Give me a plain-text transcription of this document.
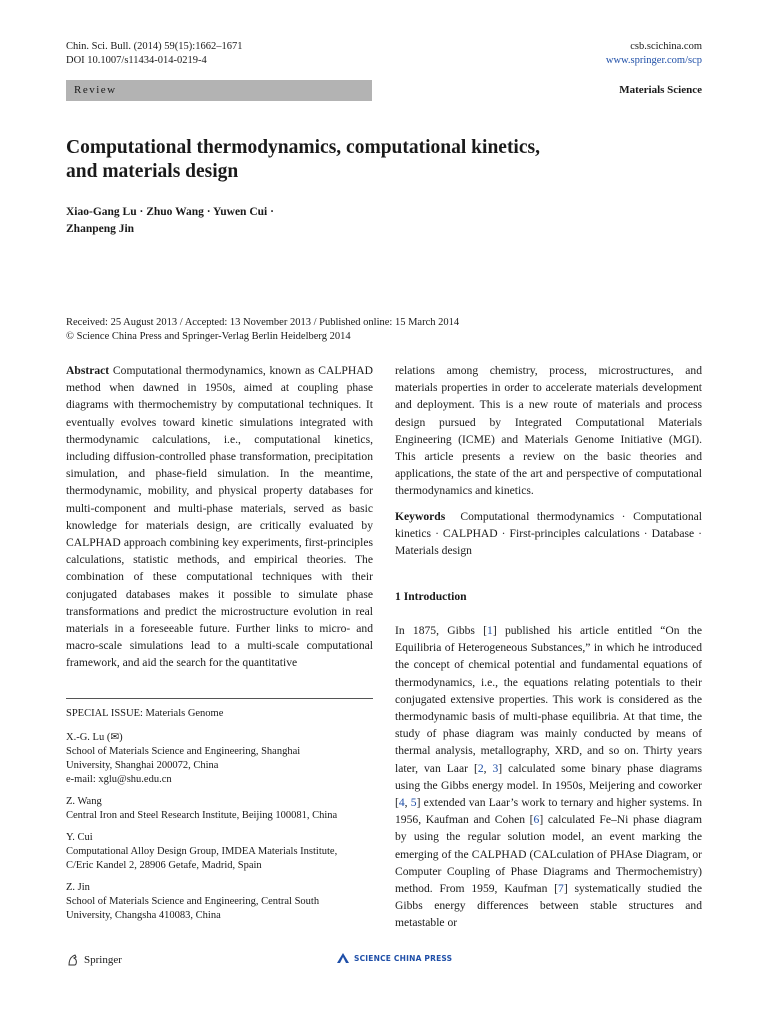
Chin. Sci. Bull. (2014) 59(15):1662–1671
DOI 10.1007/s11434-014-0219-4
csb.scichina.com
www.springer.com/scp
Review	Materials Science
Computational thermodynamics, computational kinetics,
and materials design
Xiao-Gang Lu · Zhuo Wang · Yuwen Cui ·
Zhanpeng Jin
Received: 25 August 2013 / Accepted: 13 November 2013 / Published online: 15 March 2014
© Science China Press and Springer-Verlag Berlin Heidelberg 2014

Abstract Computational thermodynamics, known as CALPHAD method when dawned in 1950s, aimed at coupling phase diagrams with thermochemistry by computational techniques. It eventually evolves toward kinetic simulations integrated with thermodynamic calculations, i.e., computational kinetics, including diffusion-controlled phase transformation, precipitation simulation, and phase-field simulation. In the meantime, thermodynamic, mobility, and physical property databases for multi-component and multi-phase materials, served as basic knowledge for materials design, are critically evaluated by CALPHAD approach combining key experiments, first-principles calculations, statistic methods, and empirical theories. The combination of these computational techniques with their conjugated databases makes it possible to simulate phase transformations and predict the microstructure evolution in real materials in a foreseeable future. Further links to micro- and macro-scale simulations lead to a multi-scale computational framework, and aid the search for the quantitative

SPECIAL ISSUE: Materials Genome

X.-G. Lu (✉)

School of Materials Science and Engineering, Shanghai

University, Shanghai 200072, China

e-mail: xglu@shu.edu.cn

Z. Wang

Central Iron and Steel Research Institute, Beijing 100081, China

Y. Cui

Computational Alloy Design Group, IMDEA Materials Institute,

C/Eric Kandel 2, 28906 Getafe, Madrid, Spain

Z. Jin

School of Materials Science and Engineering, Central South

University, Changsha 410083, China

relations among chemistry, process, microstructures, and materials properties in order to accelerate materials development and deployment. This is a new route of materials and process design pursued by Integrated Computational Materials Engineering (ICME) and Materials Genome Initiative (MGI). This article presents a review on the basic theories and applications, the state of the art and perspective of computational thermodynamics and kinetics.

Keywords Computational thermodynamics · Computational kinetics · CALPHAD · First-principles calculations · Database · Materials design

1 Introduction

In 1875, Gibbs [1] published his article entitled “On the Equilibria of Heterogeneous Substances,” in which he introduced the concept of chemical potential and fundamental equations of thermodynamics, i.e., the equations relating potentials to their conjugated extensive properties. This work is considered as the thermodynamic basis of multi-phase equilibria. At that time, the study of phase diagram was mainly conducted by means of thermal analysis, metallography, XRD, and so on. Thirty years later, van Laar [2, 3] calculated some binary phase diagrams using the Gibbs energy model. In 1950s, Meijering and coworker [4, 5] extended van Laar’s work to ternary and higher systems. In 1956, Kaufman and Cohen [6] calculated Fe–Ni phase diagram by using the regular solution model, an event marking the emerging of the CALPHAD (CALculation of PHAse Diagram, or Computer Coupling of Phase Diagrams and Thermochemistry) method. From 1959, Kaufman [7] systematically studied the Gibbs energy differences between stable structures and metastable or

Springer	SCIENCE CHINA PRESS
